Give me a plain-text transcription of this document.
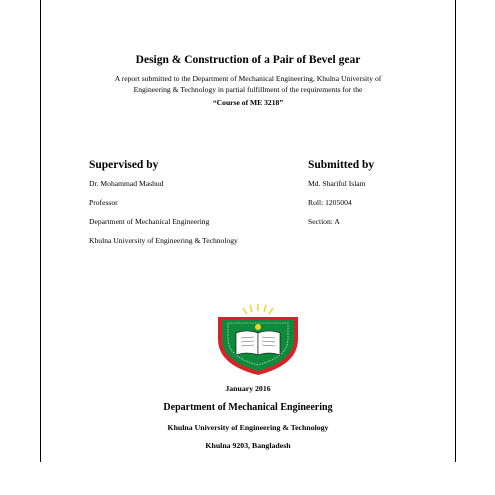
Design & Construction of a Pair of Bevel gear
A report submitted to the Department of Mechanical Engineering, Khulna University of
Engineering & Technology in partial fulfillment of the requirements for the
“Course of ME 3218”
Supervised by	Submitted by
Dr. Mohammad Mashud
Professor
Department of Mechanical Engineering
Khulna University of Engineering & Technology
Md. Shariful Islam
Roll: 1205004
Section: A
January 2016
Department of Mechanical Engineering
Khulna University of Engineering & Technology
Khulna 9203, Bangladesh
